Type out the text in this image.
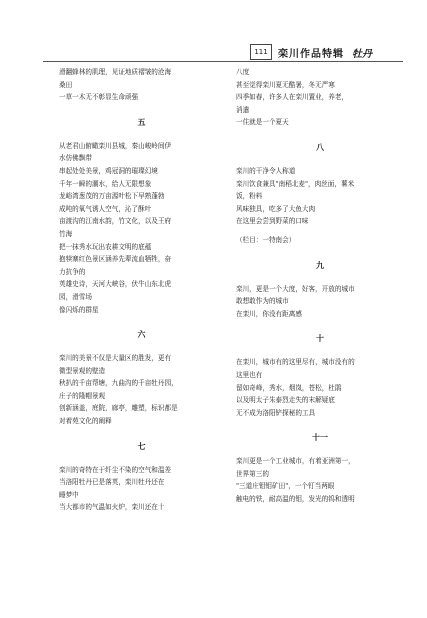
111	栾川作品特辑 牡丹

滑翻蜂林的肌理，见证地质褶皱的沧海

桑田

一草一木无不彰显生命顽强

五

从老君山俯瞰栾川县城，秦山峻岭间伊

水仿佛飘带

串起处处美景，鸡冠洞的璀璨幻境

千年一瞬的潮水，给人无限想象

龙峪湾葱茂的万亩源叶松下早熟蓬勃

成吨的氧气诱人空气，沁了酥叶

亩渡沟的江南水韵，竹文化，以及王府

竹海

把一抹秀水玩出农耕文明的底蕴

抱犊寨红色景区涵养先辈流血牺牲，奋

力抗争的

英雄史诗，天河大峡谷，伏牛山东北虎

园，滑雪场

像闪烁的群星

六

栾川的美景不仅是大量区的胜发，更有

微型景观的壁造

秋扒的千亩帮塘，九曲沟的千亩牡丹园，

庄子的隆帽景观

创新涵盖，庭院，廊亭，雕塑，标识都是

对着苑文化的阐释

七

栾川的奇特在于纤尘不染的空气和温差

当洛阳牡丹已是落英，栾川牡丹还在

睡梦中

当大都市的气温如火炉，栾川还在十

八度

甚至觉得栾川夏无酷暑，冬无严寒

四季如春，许多人在栾川置业，养老，

消遣

一住就是一个夏天

八

栾川的干净令人称道

栾川饮食兼具"南稻北麦"，肉丝面，薯米

饭，粉料

风味独具，吃多了大鱼大肉

在这里会尝到野菜的口味

（栏目：一特南会）
九

栾川，更是一个大度，好客，开放的城市

敢想敢作为的城市

在栾川，你没有距离感

十

在栾川，城市有的这里尽有，城市没有的

这里也有

留如奇峰，秀水，烟岚，苍松，杜鹃

以及明太子朱泰烈走失的末解疑底

无不成为洛阳铲探秘的工具

十一

栾川更是一个工业城市，有着亚洲第一，

世界第三的

"三道庄钼钼矿田"，一个钉当两眼

触电的铁，耐高温的钼，发光的钨和透明
